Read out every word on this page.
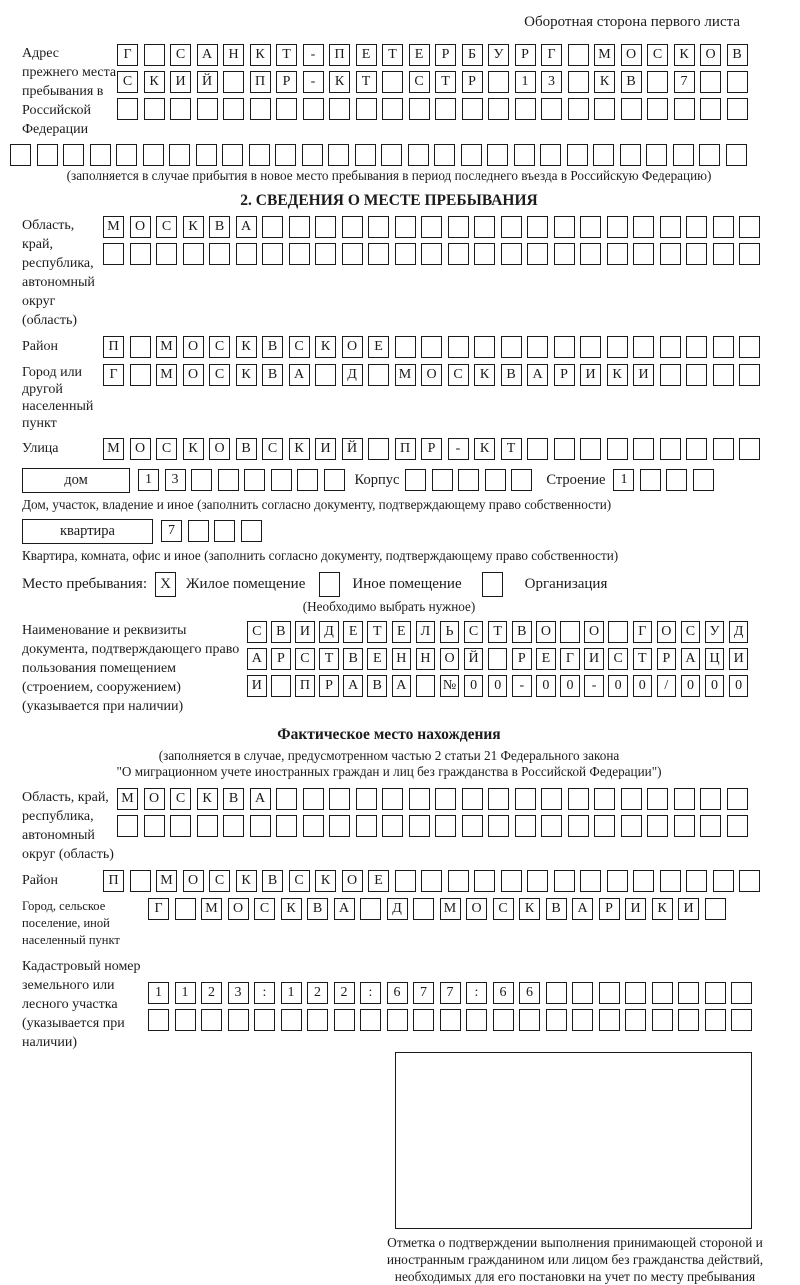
Оборотная сторона первого листа
Адрес прежнего места пребывания в Российской Федерации
Г	С	А	Н	К	Т	-	П	Е	Т	Е	Р	Б	У	Р	Г	М	О	С	К	О	В
С	К	И	Й	П	Р	-	К	Т	С	Т	Р	1	3	К	В	7
(заполняется в случае прибытия в новое место пребывания в период последнего въезда в Российскую Федерацию)
2. СВЕДЕНИЯ О МЕСТЕ ПРЕБЫВАНИЯ
Область, край, республика, автономный округ (область)
М	О	С	К	В	А
Район	П	М	О	С	К	В	С	К	О	Е
Город или другой населенный пункт
Г	М	О	С	К	В	А	Д	М	О	С	К	В	А	Р	И	К	И
Улица	М	О	С	К	О	В	С	К	И	Й	П	Р	-	К	Т
дом	1	3	Корпус	Строение	1
Дом, участок, владение и иное (заполнить согласно документу, подтверждающему право собственности)
квартира	7
Квартира, комната, офис и иное (заполнить согласно документу, подтверждающему право собственности)
Место пребывания: X	Жилое помещение	Иное помещение	Организация
(Необходимо выбрать нужное)
Наименование и реквизиты документа, подтверждающего право пользования помещением (строением, сооружением) (указывается при наличии)
С	В	И	Д	Е	Т	Е	Л	Ь	С	Т	В	О	О	Г	О	С	У	Д
А	Р	С	Т	В	Е	Н Н О Й	Р	Е	Г	И	С	Т	Р	А Ц И
И	П	Р	А	В	А	№ 0	0	-	0	0	-	0	0	/	0	0	0
Фактическое место нахождения
(заполняется в случае, предусмотренном частью 2 статьи 21 Федерального закона
"О миграционном учете иностранных граждан и лиц без гражданства в Российской Федерации")
Область, край, республика, автономный округ (область)
М	О	С	К	В	А
Район	П	М	О	С	К	В	С	К	О	Е
Город, сельское поселение, иной населенный пункт
Г	М	О	С	К	В	А	Д	М	О	С	К	В	А	Р	И	К	И
Кадастровый номер земельного или лесного участка (указывается при наличии)
1	1	2	3	:	1	2	2	:	6	7	7	:	6	6
Отметка о подтверждении выполнения принимающей стороной и иностранным гражданином или лицом без гражданства действий, необходимых для его постановки на учет по месту пребывания
